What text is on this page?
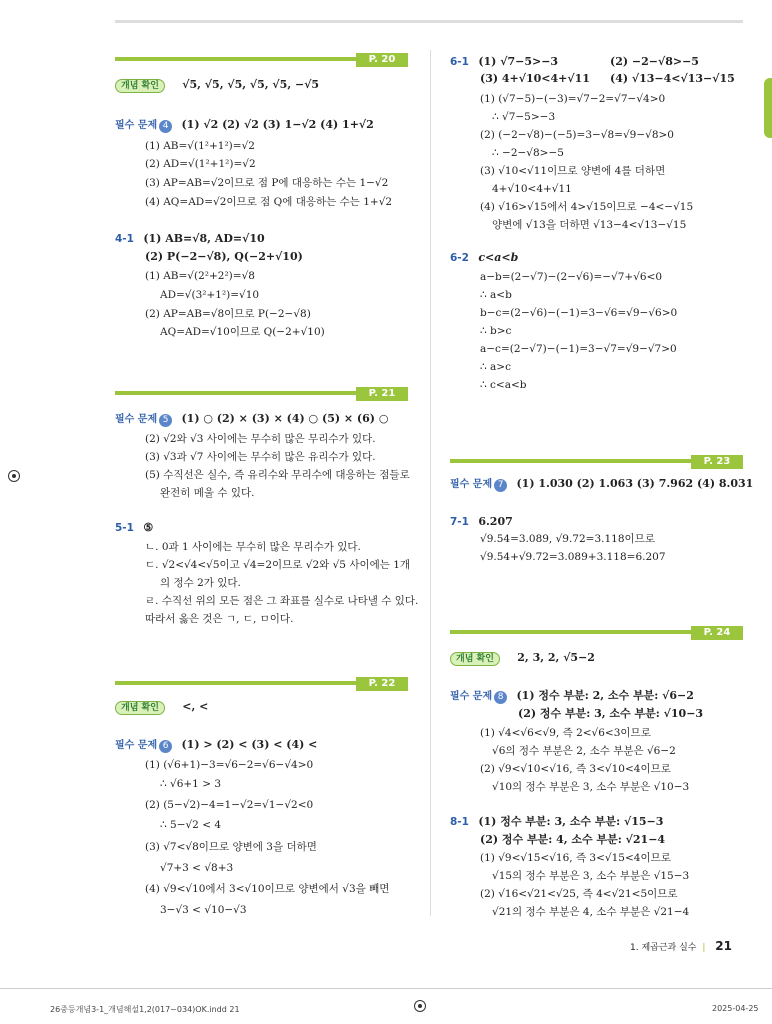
P. 20
개념 확인 √5, √5, √5, √5, √5, −√5
필수 문제 4 (1) √2 (2) √2 (3) 1−√2 (4) 1+√2
(1) AB=√(1²+1²)=√2
(2) AD=√(1²+1²)=√2
(3) AP=AB=√2이므로 점 P에 대응하는 수는 1−√2
(4) AQ=AD=√2이므로 점 Q에 대응하는 수는 1+√2
4-1 (1) AB=√8, AD=√10
(2) P(−2−√8), Q(−2+√10)
(1) AB=√(2²+2²)=√8
AD=√(3²+1²)=√10
(2) AP=AB=√8이므로 P(−2−√8)
AQ=AD=√10이므로 Q(−2+√10)
P. 21
필수 문제 5 (1) ○ (2) × (3) × (4) ○ (5) × (6) ○
(2) √2와 √3 사이에는 무수히 많은 무리수가 있다.
(3) √3과 √7 사이에는 무수히 많은 유리수가 있다.
(5) 수직선은 실수, 즉 유리수와 무리수에 대응하는 점들로
완전히 메울 수 있다.
5-1 ⑤
ㄴ. 0과 1 사이에는 무수히 많은 무리수가 있다.
ㄷ. √2<√4<√5이고 √4=2이므로 √2와 √5 사이에는 1개
의 정수 2가 있다.
ㄹ. 수직선 위의 모든 점은 그 좌표를 실수로 나타낼 수 있다.
따라서 옳은 것은 ㄱ, ㄷ, ㅁ이다.
P. 22
개념 확인 <, <
필수 문제 6 (1) > (2) < (3) < (4) <
(1) (√6+1)−3=√6−2=√6−√4>0
∴ √6+1 > 3
(2) (5−√2)−4=1−√2=√1−√2<0
∴ 5−√2 < 4
(3) √7<√8이므로 양변에 3을 더하면
√7+3 < √8+3
(4) √9<√10에서 3<√10이므로 양변에서 √3을 빼면
3−√3 < √10−√3
6-1 (1) √7−5>−3	(2) −2−√8>−5
(3) 4+√10<4+√11 (4) √13−4<√13−√15
(1) (√7−5)−(−3)=√7−2=√7−√4>0
∴ √7−5>−3
(2) (−2−√8)−(−5)=3−√8=√9−√8>0
∴ −2−√8>−5
(3) √10<√11이므로 양변에 4를 더하면
4+√10<4+√11
(4) √16>√15에서 4>√15이므로 −4<−√15
양변에 √13을 더하면 √13−4<√13−√15
6-2 c<a<b
a−b=(2−√7)−(2−√6)=−√7+√6<0
∴ a<b
b−c=(2−√6)−(−1)=3−√6=√9−√6>0
∴ b>c
a−c=(2−√7)−(−1)=3−√7=√9−√7>0
∴ a>c
∴ c<a<b
P. 23
필수 문제 7 (1) 1.030 (2) 1.063 (3) 7.962 (4) 8.031
7-1 6.207
√9.54=3.089, √9.72=3.118이므로
√9.54+√9.72=3.089+3.118=6.207
P. 24
개념 확인 2, 3, 2, √5−2
필수 문제 8 (1) 정수 부분: 2, 소수 부분: √6−2
(2) 정수 부분: 3, 소수 부분: √10−3
(1) √4<√6<√9, 즉 2<√6<3이므로
√6의 정수 부분은 2, 소수 부분은 √6−2
(2) √9<√10<√16, 즉 3<√10<4이므로
√10의 정수 부분은 3, 소수 부분은 √10−3
8-1 (1) 정수 부분: 3, 소수 부분: √15−3
(2) 정수 부분: 4, 소수 부분: √21−4
(1) √9<√15<√16, 즉 3<√15<4이므로
√15의 정수 부분은 3, 소수 부분은 √15−3
(2) √16<√21<√25, 즉 4<√21<5이므로
√21의 정수 부분은 4, 소수 부분은 √21−4
1. 제곱근과 실수 | 21
26중등개념3-1_개념해설1,2(017~034)OK.indd 21	2025-04-25
